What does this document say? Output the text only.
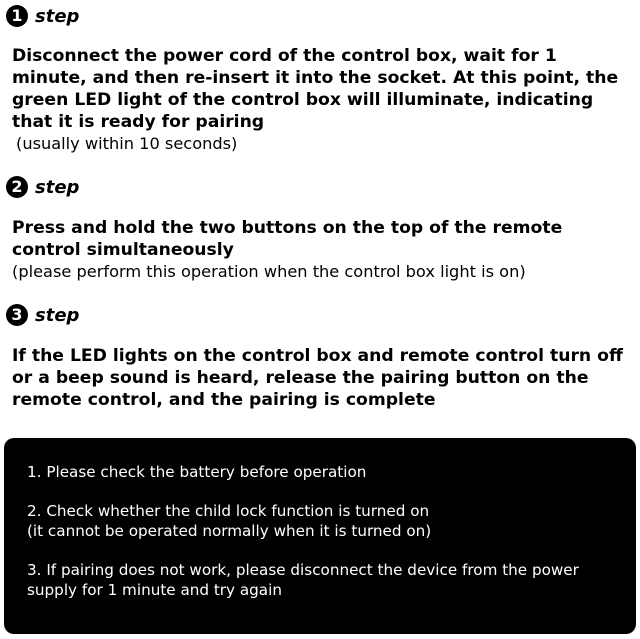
1 step

Disconnect the power cord of the control box, wait for 1 minute, and then re-insert it into the socket. At this point, the green LED light of the control box will illuminate, indicating that it is ready for pairing

(usually within 10 seconds)

2 step

Press and hold the two buttons on the top of the remote control simultaneously

(please perform this operation when the control box light is on)

3 step

If the LED lights on the control box and remote control turn off or a beep sound is heard, release the pairing button on the remote control, and the pairing is complete

1. Please check the battery before operation

2. Check whether the child lock function is turned on
(it cannot be operated normally when it is turned on)

3. If pairing does not work, please disconnect the device from the power supply for 1 minute and try again
